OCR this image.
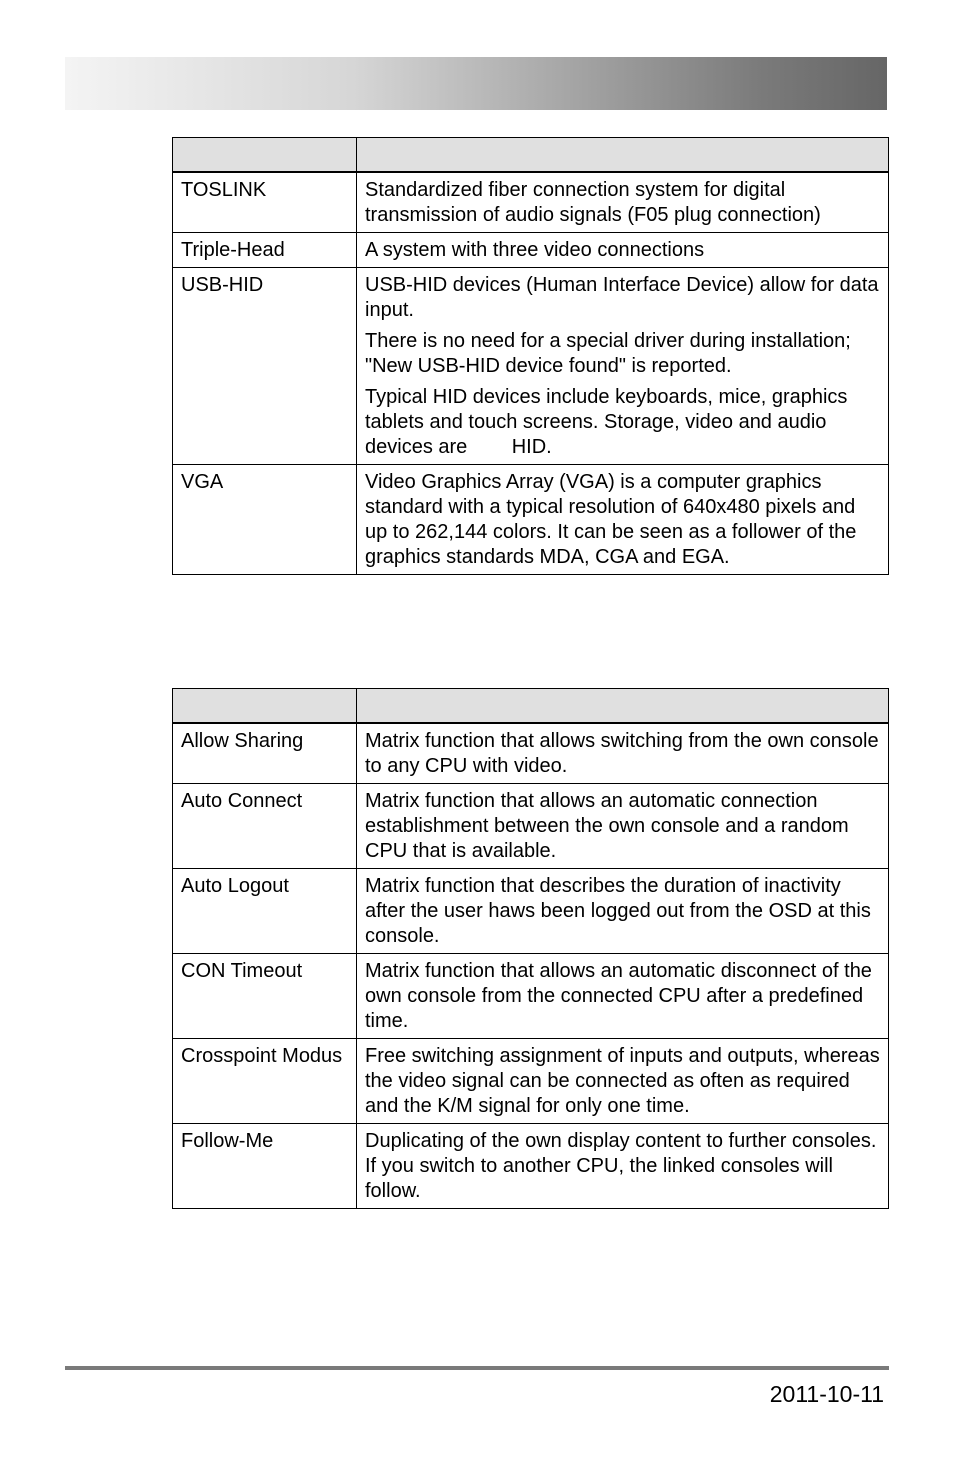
TOSLINK	Standardized fiber connection system for digital transmission of audio signals (F05 plug connection)

Triple-Head	A system with three video connections

USB-HID	USB-HID devices (Human Interface Device) allow for data input.

There is no need for a special driver during installation; "New USB-HID device found" is reported.

Typical HID devices include keyboards, mice, graphics tablets and touch screens. Storage, video and audio devices are        HID.

VGA	Video Graphics Array (VGA) is a computer graphics standard with a typical resolution of 640x480 pixels and up to 262,144 colors. It can be seen as a follower of the graphics standards MDA, CGA and EGA.

Allow Sharing	Matrix function that allows switching from the own console to any CPU with video.

Auto Connect	Matrix function that allows an automatic connection establishment between the own console and a random CPU that is available.

Auto Logout	Matrix function that describes the duration of inactivity after the user haws been logged out from the OSD at this console.

CON Timeout	Matrix function that allows an automatic disconnect of the own console from the connected CPU after a predefined time.

Crosspoint Modus	Free switching assignment of inputs and outputs, whereas the video signal can be connected as often as required and the K/M signal for only one time.

Follow-Me	Duplicating of the own display content to further consoles. If you switch to another CPU, the linked consoles will follow.

2011-10-11
